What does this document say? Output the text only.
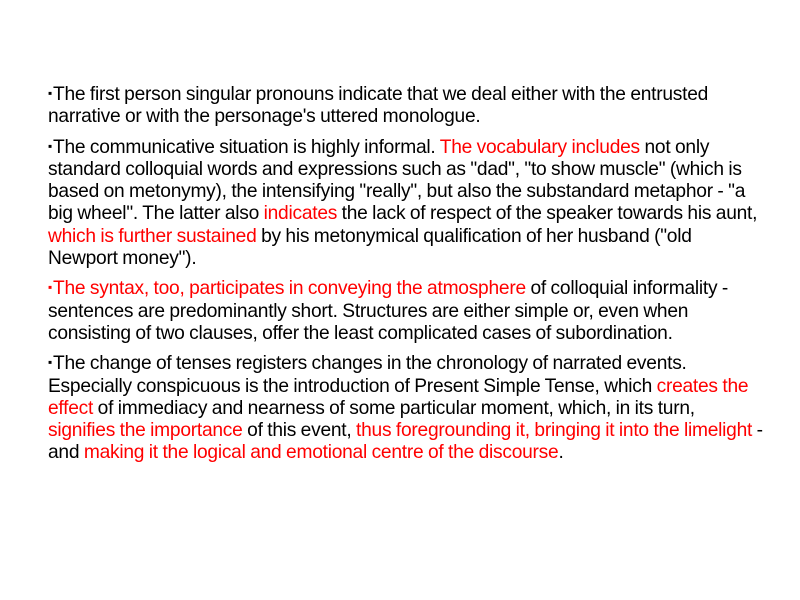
▪The first person singular pronouns indicate that we deal either with the entrusted narrative or with the personage's uttered monologue.

▪The communicative situation is highly informal. The vocabulary includes not only standard colloquial words and expressions such as "dad", "to show muscle" (which is based on metonymy), the intensifying "really", but also the substandard metaphor - "a big wheel". The latter also indicates the lack of respect of the speaker towards his aunt, which is further sustained by his metonymical qualification of her husband ("old Newport money").

▪The syntax, too, participates in conveying the atmosphere of colloquial informality - sentences are predominantly short. Structures are either simple or, even when consisting of two clauses, offer the least complicated cases of subordination.

▪The change of tenses registers changes in the chronology of narrated events. Especially conspicuous is the introduction of Present Simple Tense, which creates the effect of immediacy and nearness of some particular moment, which, in its turn, signifies the importance of this event, thus foregrounding it, bringing it into the limelight - and making it the logical and emotional centre of the discourse.
